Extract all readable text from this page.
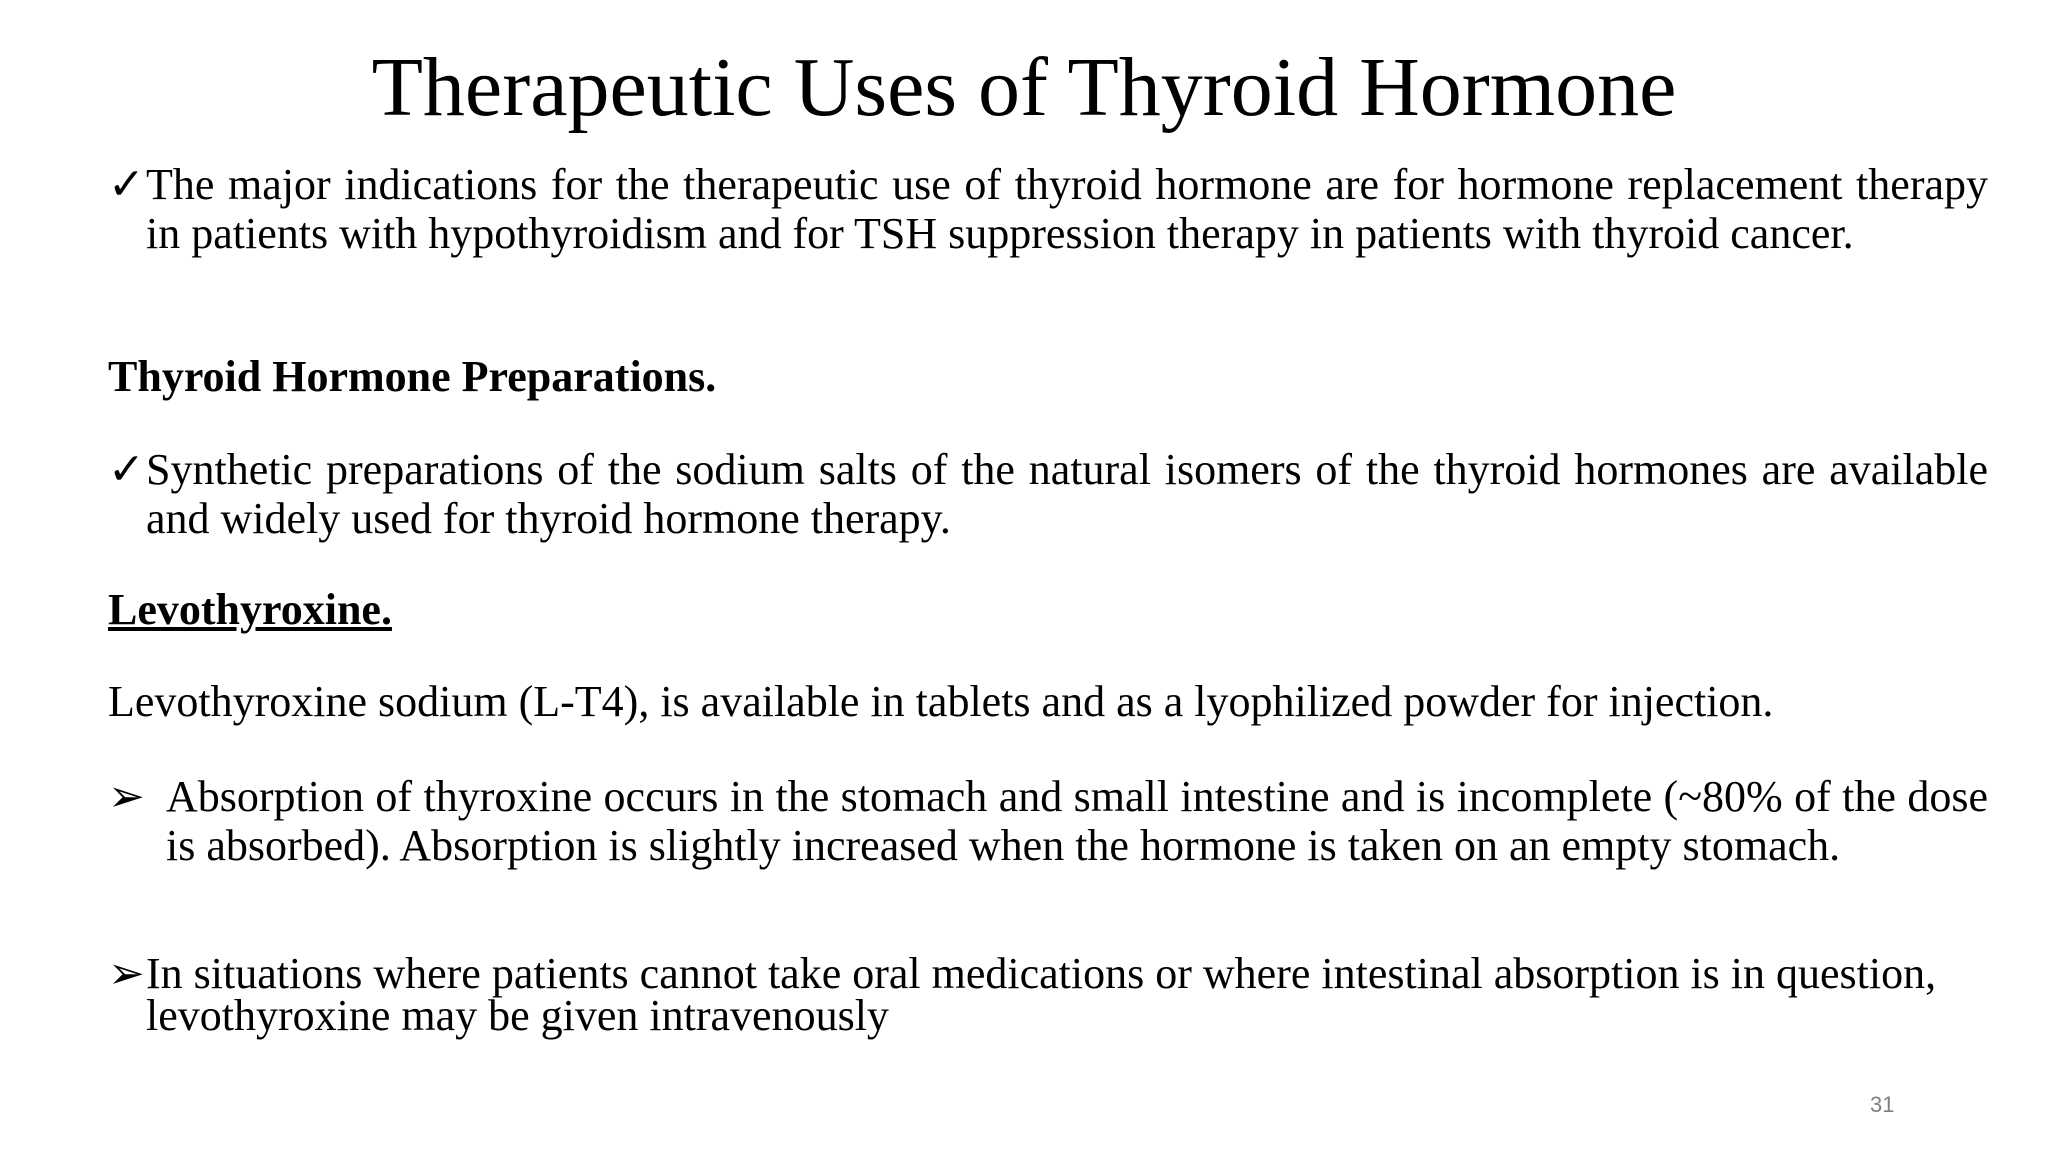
Therapeutic Uses of Thyroid Hormone
✓ The major indications for the therapeutic use of thyroid hormone are for hormone replacement therapy in patients with hypothyroidism and for TSH suppression therapy in patients with thyroid cancer.
Thyroid Hormone Preparations.
✓ Synthetic preparations of the sodium salts of the natural isomers of the thyroid hormones are available and widely used for thyroid hormone therapy.
Levothyroxine.
Levothyroxine sodium (L-T4), is available in tablets and as a lyophilized powder for injection.
➢ Absorption of thyroxine occurs in the stomach and small intestine and is incomplete (~80% of the dose is absorbed). Absorption is slightly increased when the hormone is taken on an empty stomach.
➢ In situations where patients cannot take oral medications or where intestinal absorption is in question, levothyroxine may be given intravenously
31
